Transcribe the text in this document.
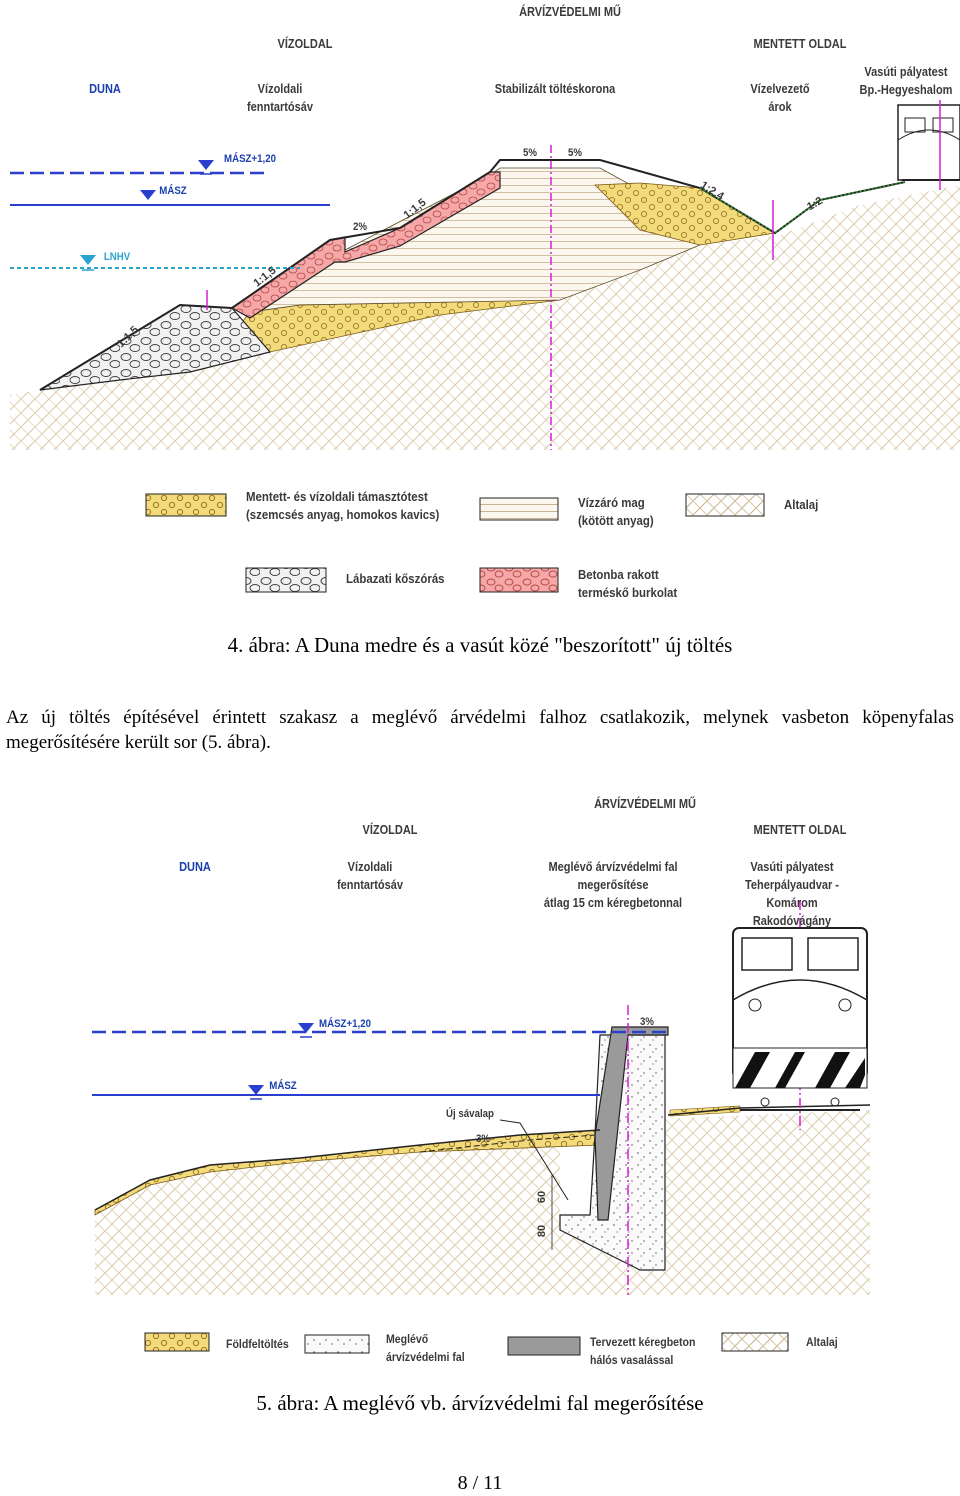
ÁRVÍZVÉDELMI MŰ
VÍZOLDAL	MENTETT OLDAL
DUNA	Vízoldali
fenntartósáv
Stabilizált töltéskorona	Vízelvezető
árok
Vasúti pályatest
Bp.-Hegyeshalom
MÁSZ+1,20
MÁSZ
LNHV
5%	5%
2%
1:1,5
1:1,5
1:1,5
1:2,4
1:2
Mentett- és vízoldali támasztótest
(szemcsés anyag, homokos kavics)
Vízzáró mag
(kötött anyag)
Altalaj
Lábazati kőszórás	Betonba rakott
terméskő burkolat
4. ábra: A Duna medre és a vasút közé "beszorított" új töltés
Az új töltés építésével érintett szakasz a meglévő árvédelmi falhoz csatlakozik, melynek vasbeton köpenyfalas megerősítésére került sor (5. ábra).
ÁRVÍZVÉDELMI MŰ
VÍZOLDAL	MENTETT OLDAL
DUNA	Vízoldali
fenntartósáv
Meglévő árvízvédelmi fal megerősítése
átlag 15 cm kéregbetonnal
Vasúti pályatest
Teherpályaudvar - Komárom
Rakodóvágány
MÁSZ+1,20
MÁSZ
Új sávalap
3%
3%
60
80
Földfeltöltés	Meglévő
árvízvédelmi fal
Tervezett kéregbeton
hálós vasalással
Altalaj
5. ábra: A meglévő vb. árvízvédelmi fal megerősítése
8 / 11
